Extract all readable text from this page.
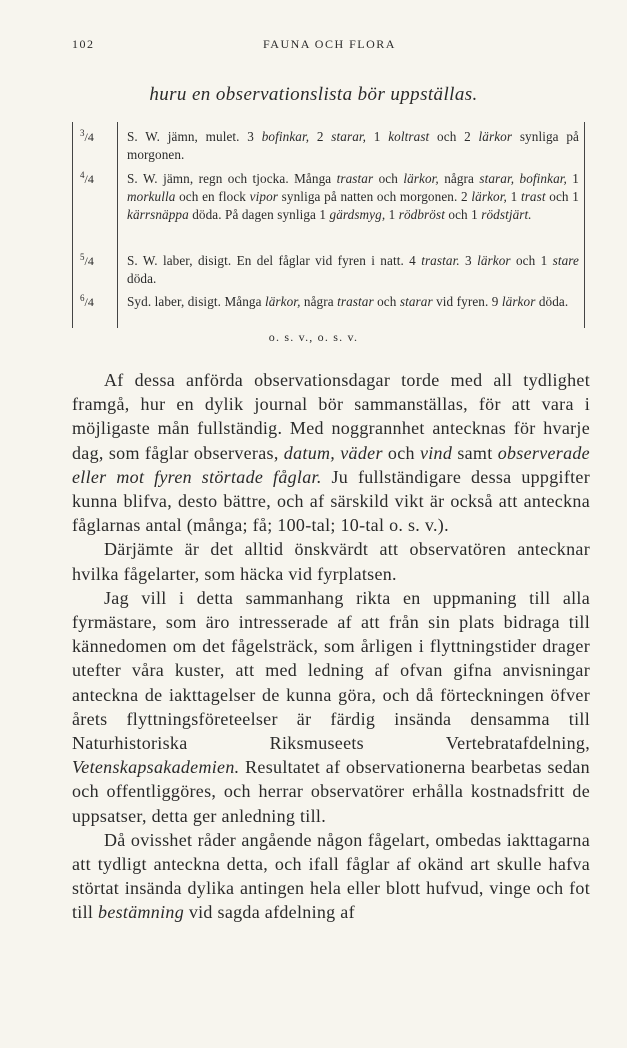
102	FAUNA OCH FLORA
huru en observationslista bör uppställas.
$^3$/4	S. W. jämn, mulet. 3 bofinkar, 2 starar, 1 koltrast och 2 lärkor synliga på morgonen.
$^4$/4	S. W. jämn, regn och tjocka. Många trastar och lärkor, några starar, bofinkar, 1 morkulla och en flock vipor synliga på natten och morgonen. 2 lärkor, 1 trast och 1 kärrsnäppa döda. På dagen synliga 1 gärdsmyg, 1 rödbröst och 1 rödstjärt.
$^5$/4	S. W. laber, disigt. En del fåglar vid fyren i natt. 4 trastar. 3 lärkor och 1 stare döda.
$^6$/4	Syd. laber, disigt. Många lärkor, några trastar och starar vid fyren. 9 lärkor döda.
o. s. v., o. s. v.

Af dessa anförda observationsdagar torde med all tydlighet framgå, hur en dylik journal bör sammanställas, för att vara i möjligaste mån fullständig. Med noggrannhet antecknas för hvarje dag, som fåglar observeras, datum, väder och vind samt observerade eller mot fyren störtade fåglar. Ju fullständigare dessa uppgifter kunna blifva, desto bättre, och af särskild vikt är också att anteckna fåglarnas antal (många; få; 100-tal; 10-tal o. s. v.).

Därjämte är det alltid önskvärdt att observatören antecknar hvilka fågelarter, som häcka vid fyrplatsen.

Jag vill i detta sammanhang rikta en uppmaning till alla fyrmästare, som äro intresserade af att från sin plats bidraga till kännedomen om det fågelsträck, som årligen i flyttningstider drager utefter våra kuster, att med ledning af ofvan gifna anvisningar anteckna de iakttagelser de kunna göra, och då förteckningen öfver årets flyttningsföreteelser är färdig insända densamma till Naturhistoriska Riksmuseets Vertebratafdelning, Vetenskapsakademien. Resultatet af observationerna bearbetas sedan och offentliggöres, och herrar observatörer erhålla kostnadsfritt de uppsatser, detta ger anledning till.

Då ovisshet råder angående någon fågelart, ombedas iakttagarna att tydligt anteckna detta, och ifall fåglar af okänd art skulle hafva störtat insända dylika antingen hela eller blott hufvud, vinge och fot till bestämning vid sagda afdelning af
